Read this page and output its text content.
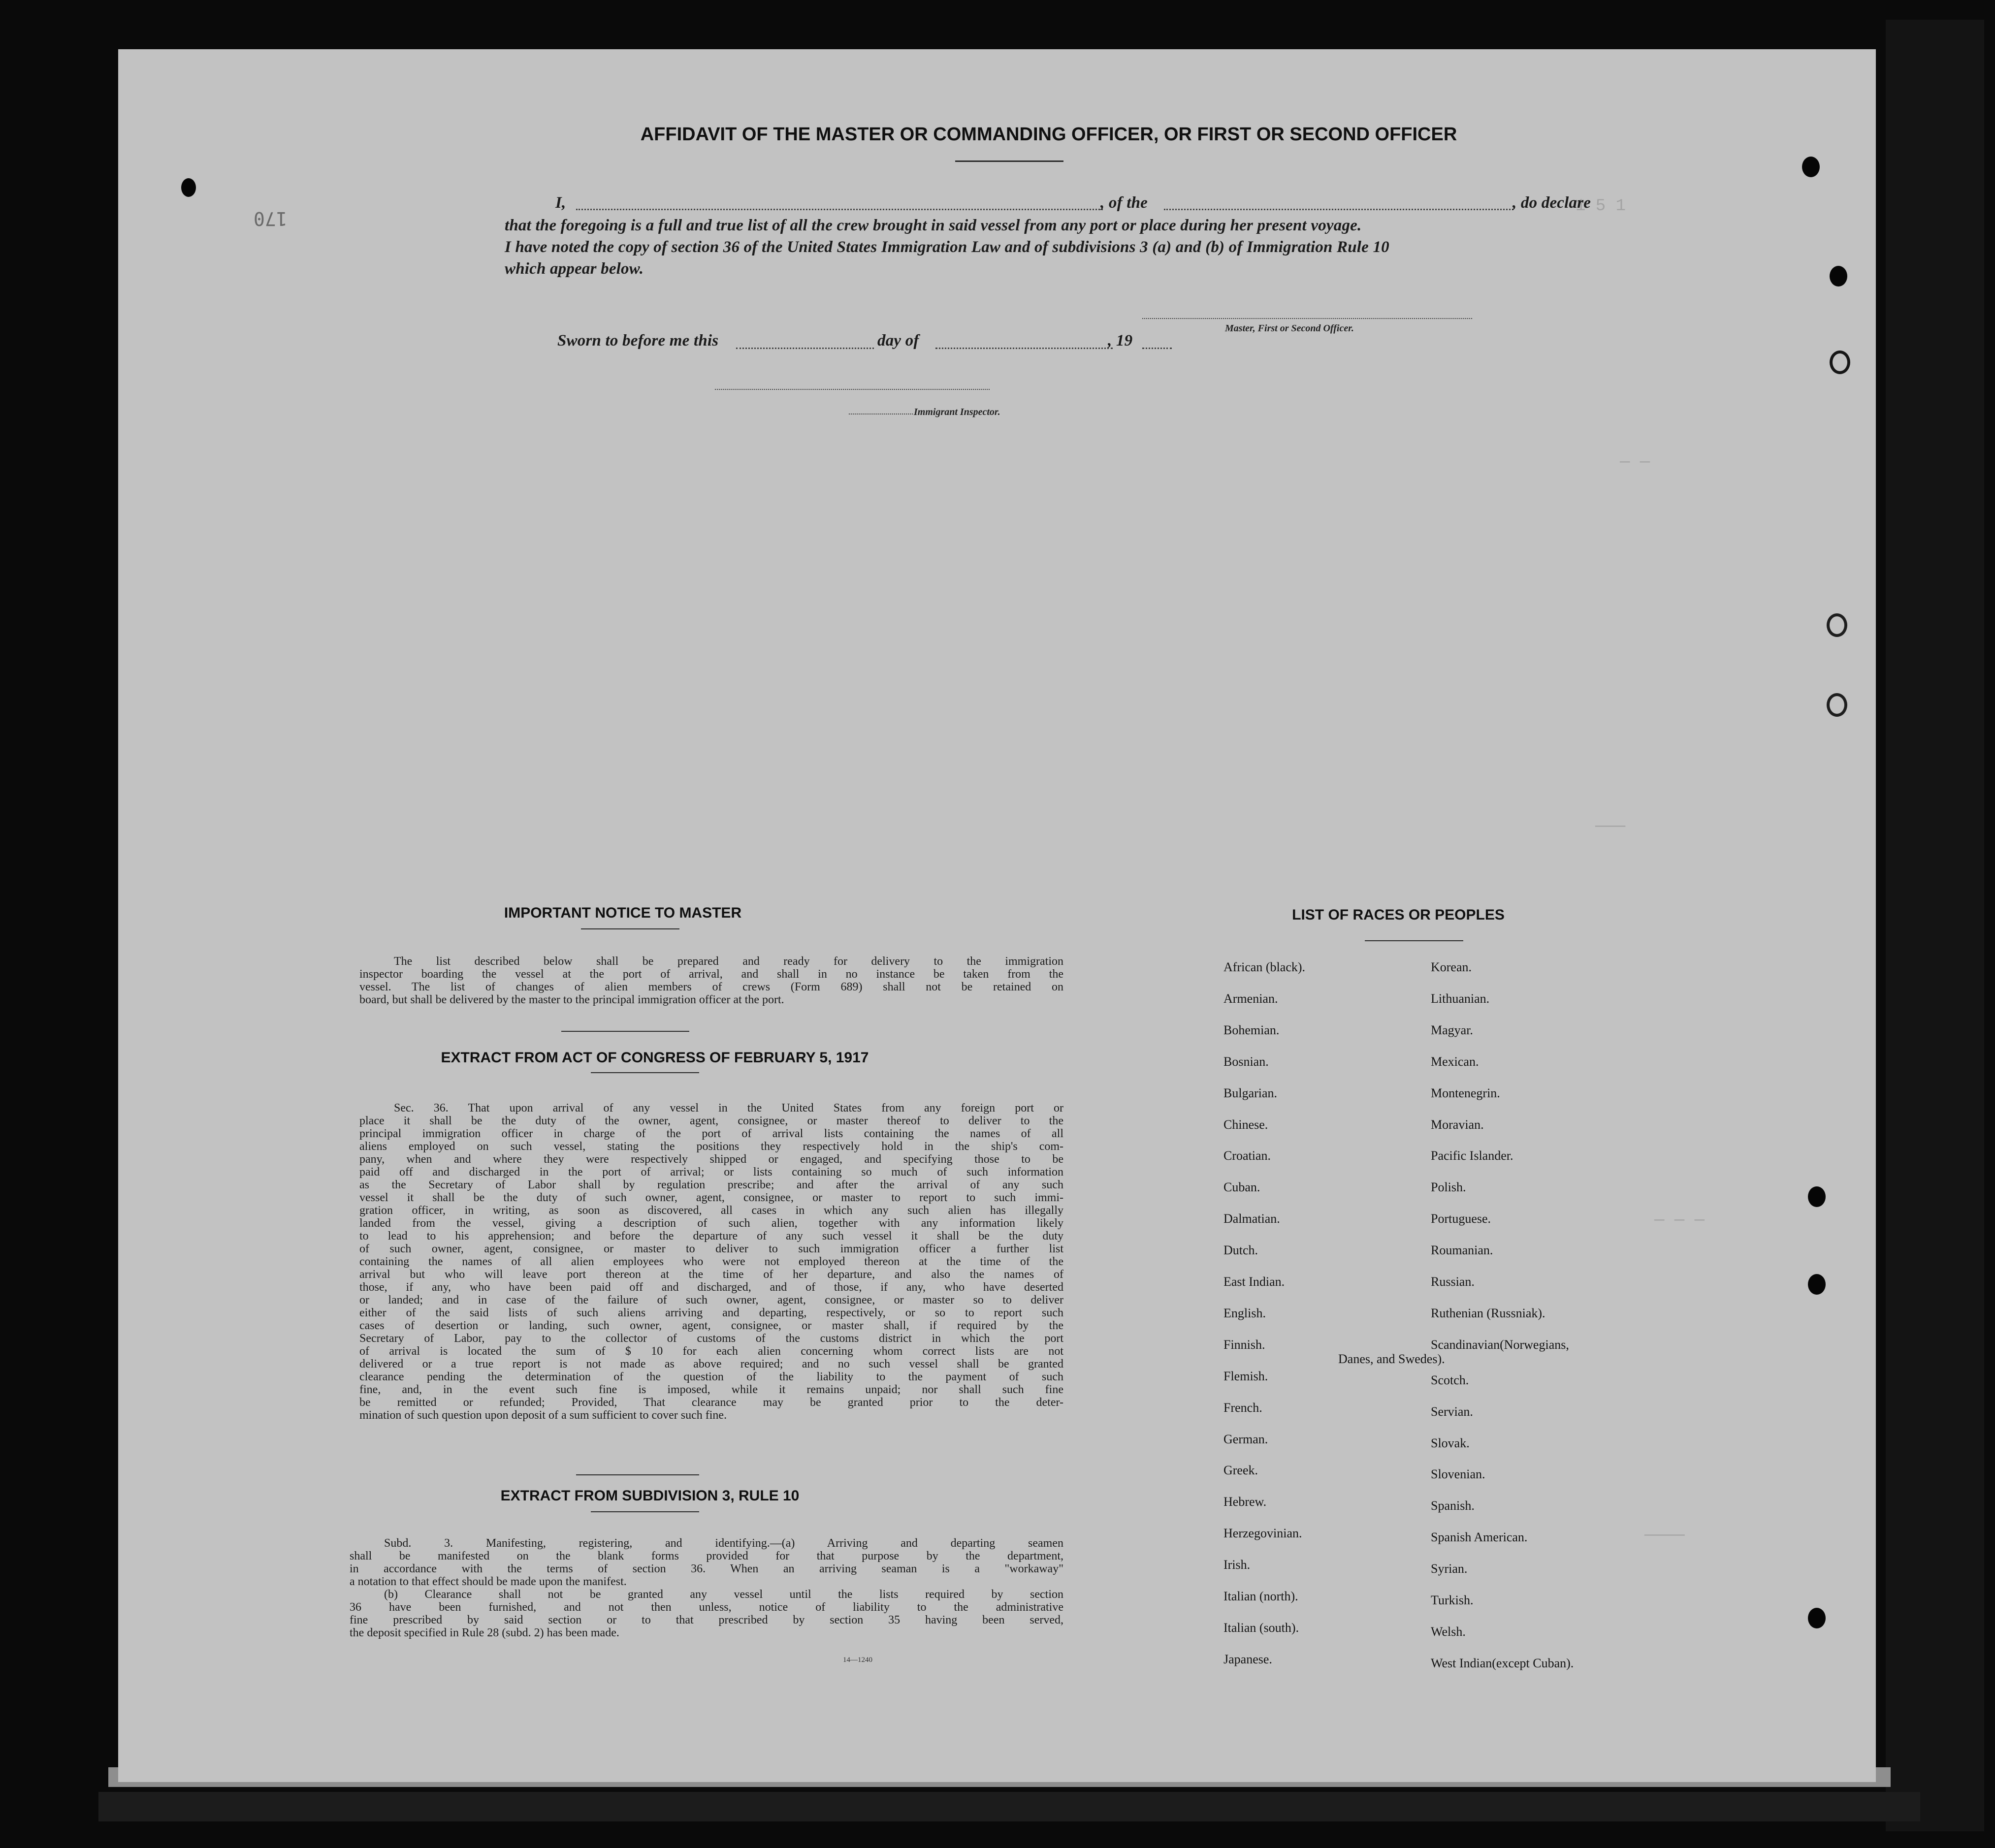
1 5 1
— —
———
— — —
————
170
AFFIDAVIT OF THE MASTER OR COMMANDING OFFICER, OR FIRST OR SECOND OFFICER
I,	, of the	, do declare
that the foregoing is a full and true list of all the crew brought in said vessel from any port or place during her present voyage.
I have noted the copy of section 36 of the United States Immigration Law and of subdivisions 3 (a) and (b) of Immigration Rule 10
which appear below.
Master, First or Second Officer.
Sworn to before me this	day of	, 19
Immigrant Inspector.
IMPORTANT NOTICE TO MASTER

The list described below shall be prepared and ready for delivery to the immigration

inspector boarding the vessel at the port of arrival, and shall in no instance be taken from the

vessel. The list of changes of alien members of crews (Form 689) shall not be retained on

board, but shall be delivered by the master to the principal immigration officer at the port.

EXTRACT FROM ACT OF CONGRESS OF FEBRUARY 5, 1917

Sec. 36. That upon arrival of any vessel in the United States from any foreign port or

place it shall be the duty of the owner, agent, consignee, or master thereof to deliver to the

principal immigration officer in charge of the port of arrival lists containing the names of all

aliens employed on such vessel, stating the positions they respectively hold in the ship's com-

pany, when and where they were respectively shipped or engaged, and specifying those to be

paid off and discharged in the port of arrival; or lists containing so much of such information

as the Secretary of Labor shall by regulation prescribe; and after the arrival of any such

vessel it shall be the duty of such owner, agent, consignee, or master to report to such immi-

gration officer, in writing, as soon as discovered, all cases in which any such alien has illegally

landed from the vessel, giving a description of such alien, together with any information likely

to lead to his apprehension; and before the departure of any such vessel it shall be the duty

of such owner, agent, consignee, or master to deliver to such immigration officer a further list

containing the names of all alien employees who were not employed thereon at the time of the

arrival but who will leave port thereon at the time of her departure, and also the names of

those, if any, who have been paid off and discharged, and of those, if any, who have deserted

or landed; and in case of the failure of such owner, agent, consignee, or master so to deliver

either of the said lists of such aliens arriving and departing, respectively, or so to report such

cases of desertion or landing, such owner, agent, consignee, or master shall, if required by the

Secretary of Labor, pay to the collector of customs of the customs district in which the port

of arrival is located the sum of $ 10 for each alien concerning whom correct lists are not

delivered or a true report is not made as above required; and no such vessel shall be granted

clearance pending the determination of the question of the liability to the payment of such

fine, and, in the event such fine is imposed, while it remains unpaid; nor shall such fine

be remitted or refunded; Provided, That clearance may be granted prior to the deter-

mination of such question upon deposit of a sum sufficient to cover such fine.

EXTRACT FROM SUBDIVISION 3, RULE 10

Subd. 3. Manifesting, registering, and identifying.—(a) Arriving and departing seamen

shall be manifested on the blank forms provided for that purpose by the department,

in accordance with the terms of section 36. When an arriving seaman is a "workaway"

a notation to that effect should be made upon the manifest.

(b) Clearance shall not be granted any vessel until the lists required by section

36 have been furnished, and not then unless, notice of liability to the administrative

fine prescribed by said section or to that prescribed by section 35 having been served,

the deposit specified in Rule 28 (subd. 2) has been made.

14—1240
LIST OF RACES OR PEOPLES
African (black).
Armenian.
Bohemian.
Bosnian.
Bulgarian.
Chinese.
Croatian.
Cuban.
Dalmatian.
Dutch.
East Indian.
English.
Finnish.
Flemish.
French.
German.
Greek.
Hebrew.
Herzegovinian.
Irish.
Italian (north).
Italian (south).
Japanese.
Korean.
Lithuanian.
Magyar.
Mexican.
Montenegrin.
Moravian.
Pacific Islander.
Polish.
Portuguese.
Roumanian.
Russian.
Ruthenian (Russniak).
Scandinavian(Norwegians,
Scotch.
Servian.
Slovak.
Slovenian.
Spanish.
Spanish American.
Syrian.
Turkish.
Welsh.
West Indian(except Cuban).
Danes, and Swedes).
